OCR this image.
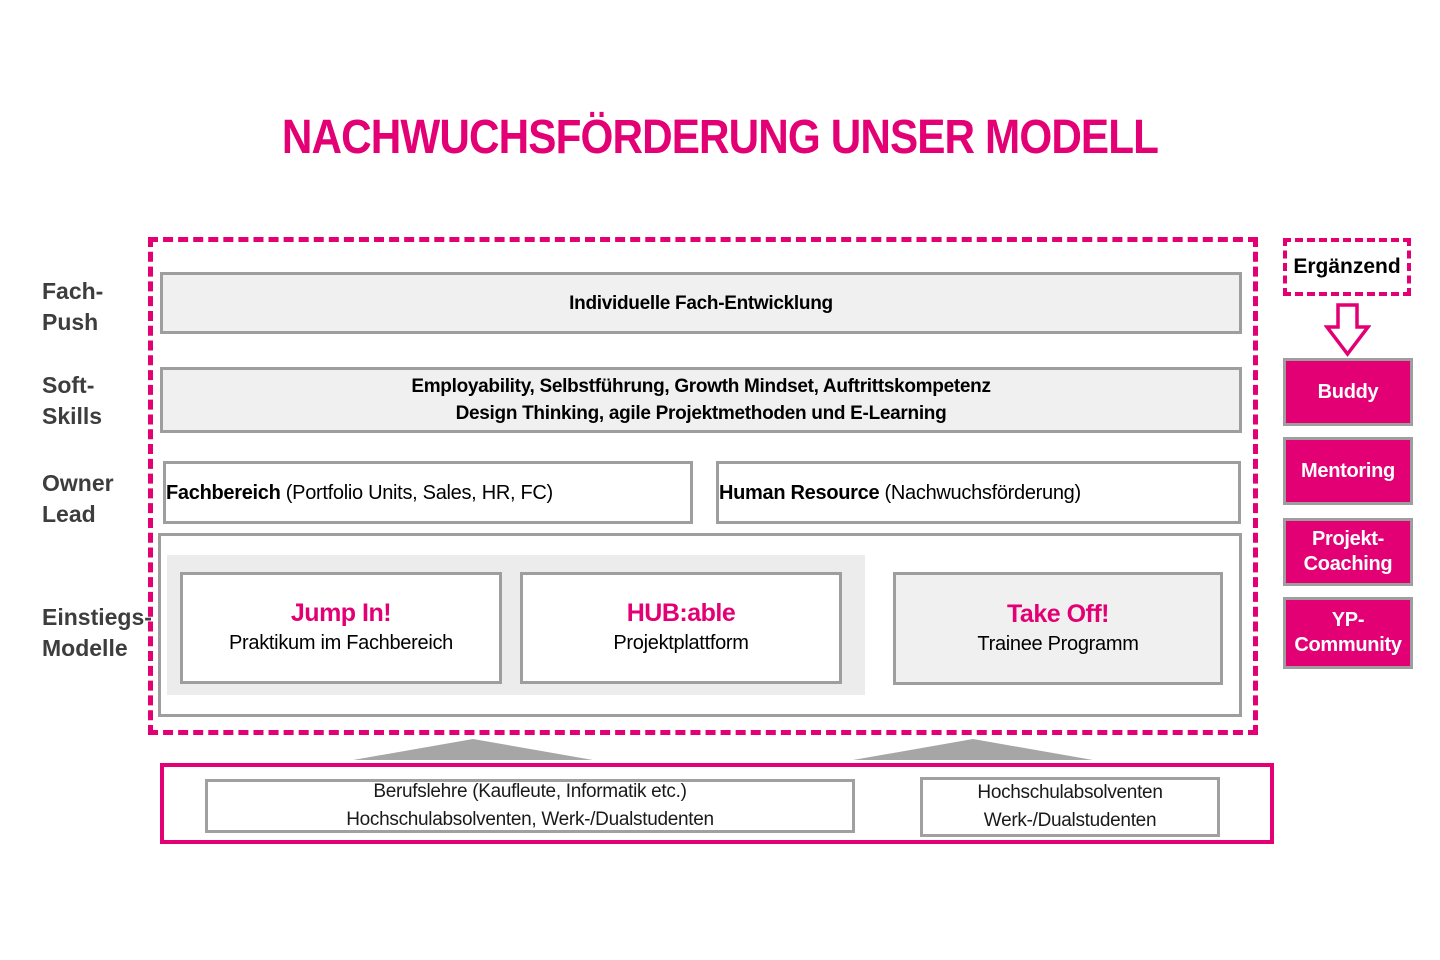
NACHWUCHSFÖRDERUNG UNSER MODELL
Fach-
Push
Soft-
Skills
Owner
Lead
Einstiegs-
Modelle
Individuelle Fach-Entwicklung
Employability, Selbstführung, Growth Mindset, Auftrittskompetenz
Design Thinking, agile Projektmethoden und E-Learning
Fachbereich (Portfolio Units, Sales, HR, FC)	Human Resource (Nachwuchsförderung)
Jump In!
Praktikum im Fachbereich
HUB:able
Projektplattform
Take Off!
Trainee Programm
Ergänzend
Buddy
Mentoring
Projekt-
Coaching
YP-
Community
Berufslehre (Kaufleute, Informatik etc.)
Hochschulabsolventen, Werk-/Dualstudenten
Hochschulabsolventen
Werk-/Dualstudenten
